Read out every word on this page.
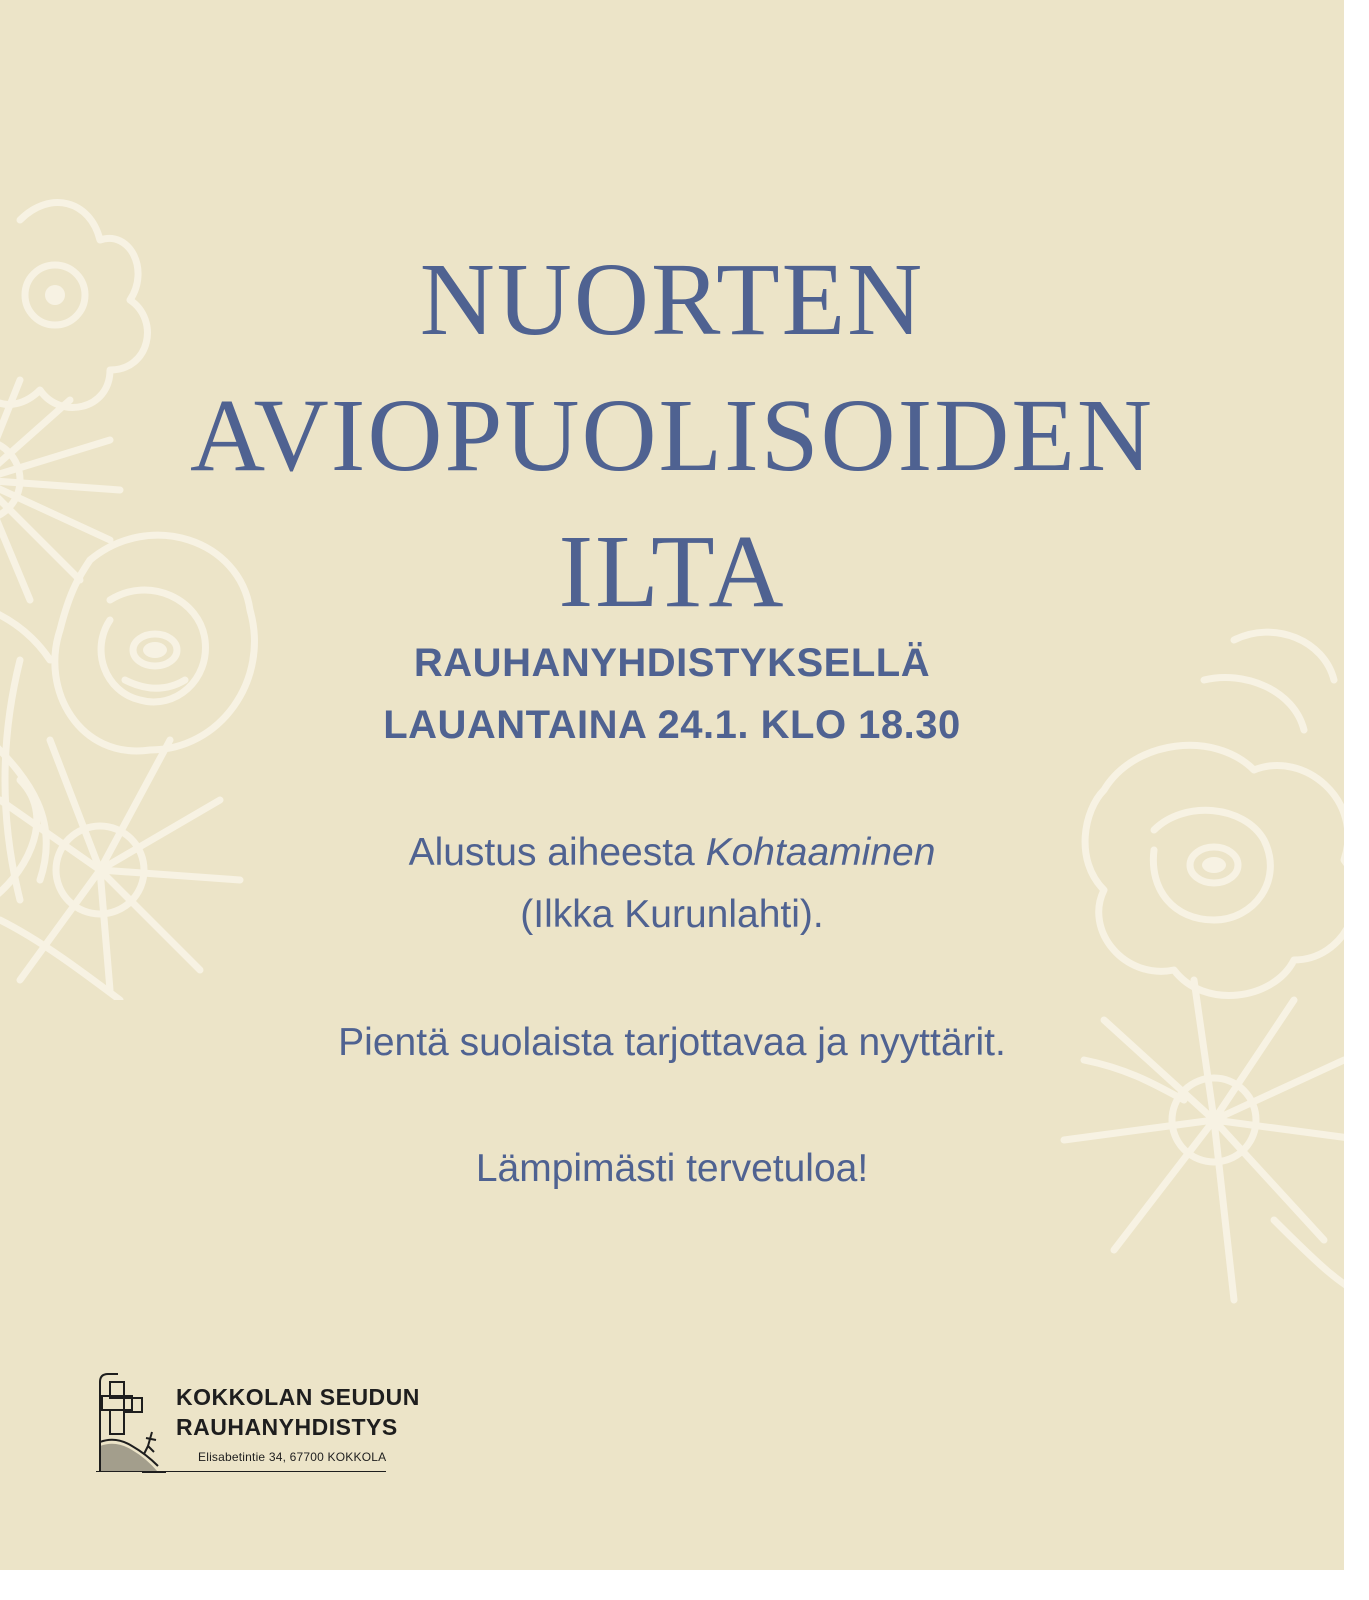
NUORTEN
AVIOPUOLISOIDEN
ILTA
RAUHANYHDISTYKSELLÄ
LAUANTAINA 24.1. KLO 18.30
Alustus aiheesta Kohtaaminen
(Ilkka Kurunlahti).
Pientä suolaista tarjottavaa ja nyyttärit.
Lämpimästi tervetuloa!
KOKKOLAN SEUDUN
RAUHANYHDISTYS
Elisabetintie 34, 67700 KOKKOLA
